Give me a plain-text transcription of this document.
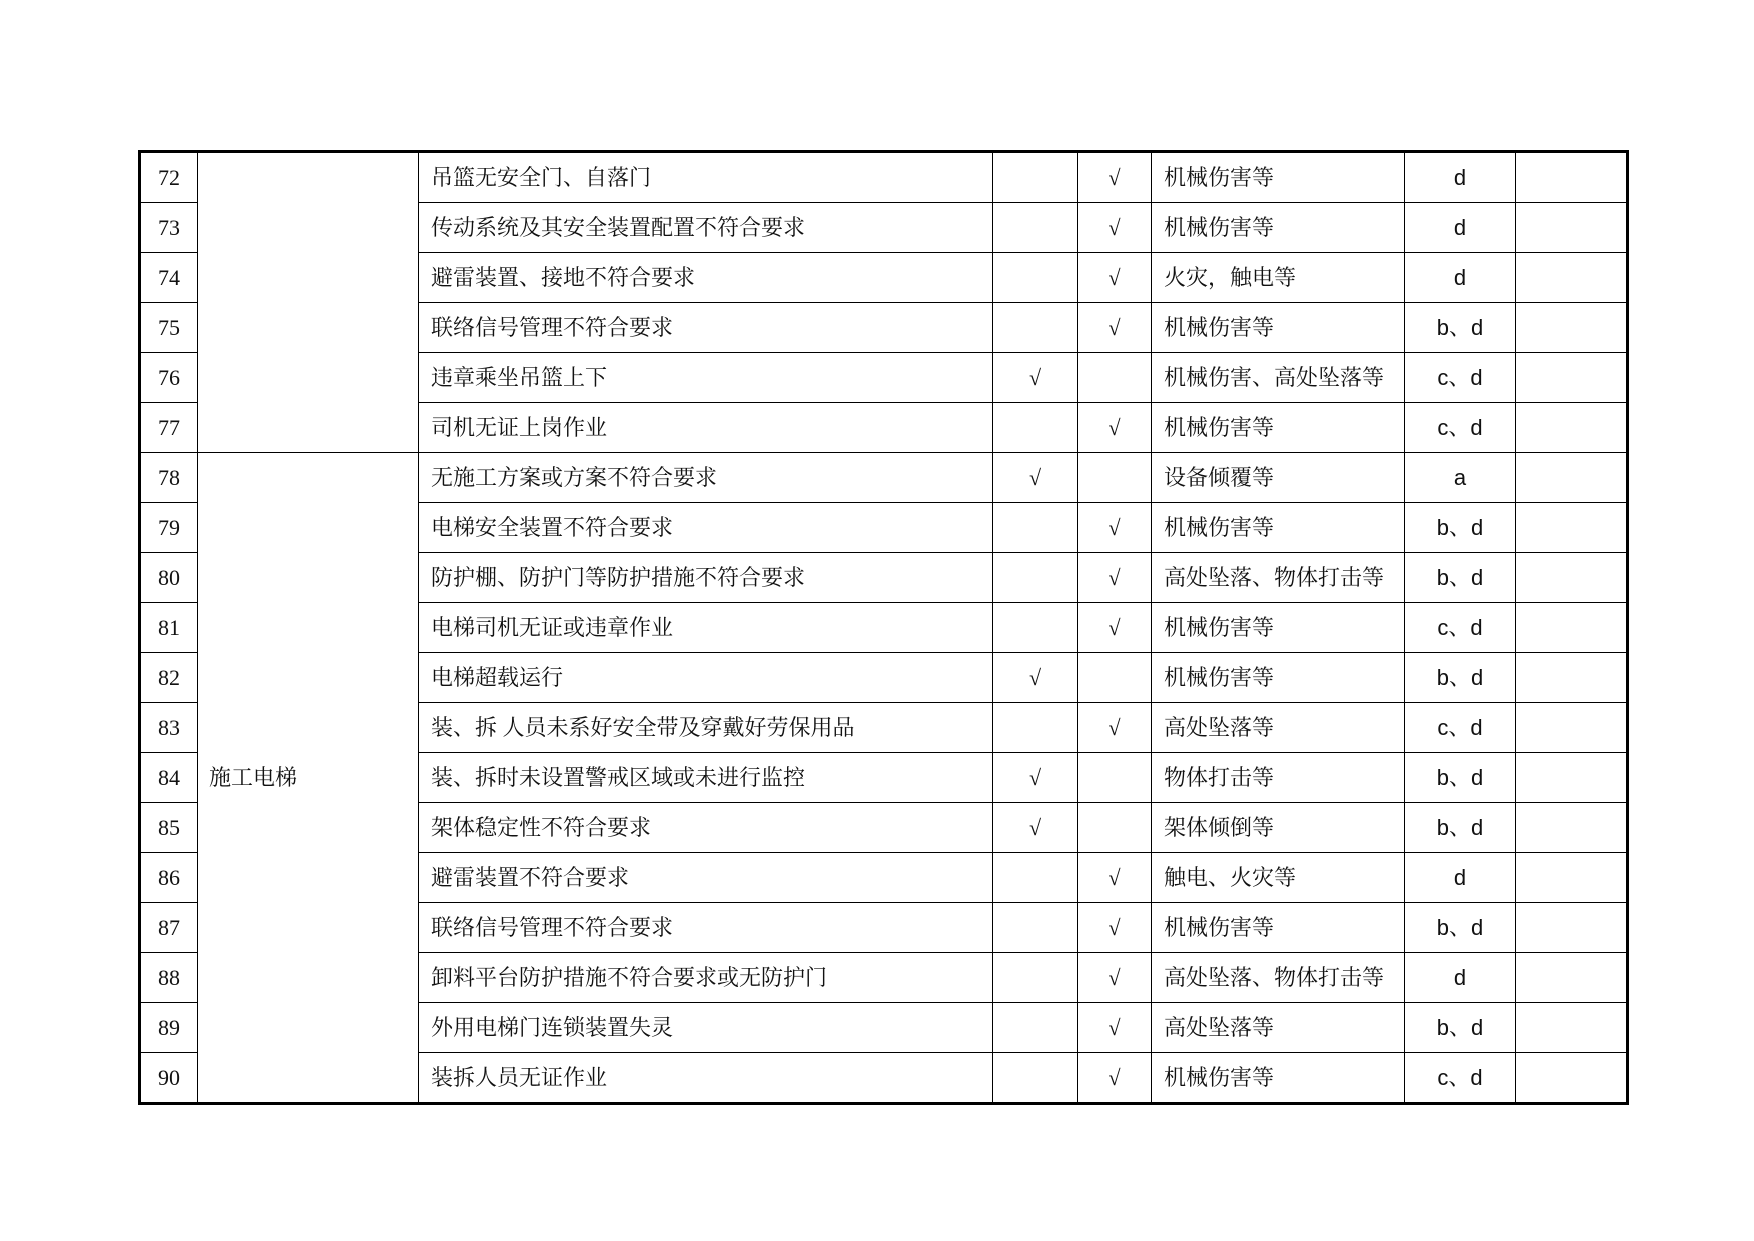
72		吊篮无安全门、自落门		√	机械伤害等	d	
73		传动系统及其安全装置配置不符合要求		√	机械伤害等	d	
74		避雷装置、接地不符合要求		√	火灾，触电等	d	
75		联络信号管理不符合要求		√	机械伤害等	b、d	
76		违章乘坐吊篮上下	√		机械伤害、高处坠落等	c、d	
77		司机无证上岗作业		√	机械伤害等	c、d	
78	施工电梯	无施工方案或方案不符合要求	√		设备倾覆等	a	
79		电梯安全装置不符合要求		√	机械伤害等	b、d	
80		防护棚、防护门等防护措施不符合要求		√	高处坠落、物体打击等	b、d	
81		电梯司机无证或违章作业		√	机械伤害等	c、d	
82		电梯超载运行	√		机械伤害等	b、d	
83		装、拆 人员未系好安全带及穿戴好劳保用品		√	高处坠落等	c、d	
84		装、拆时未设置警戒区域或未进行监控	√		物体打击等	b、d	
85		架体稳定性不符合要求	√		架体倾倒等	b、d	
86		避雷装置不符合要求		√	触电、火灾等	d	
87		联络信号管理不符合要求		√	机械伤害等	b、d	
88		卸料平台防护措施不符合要求或无防护门		√	高处坠落、物体打击等	d	
89		外用电梯门连锁装置失灵		√	高处坠落等	b、d	
90		装拆人员无证作业		√	机械伤害等	c、d	
